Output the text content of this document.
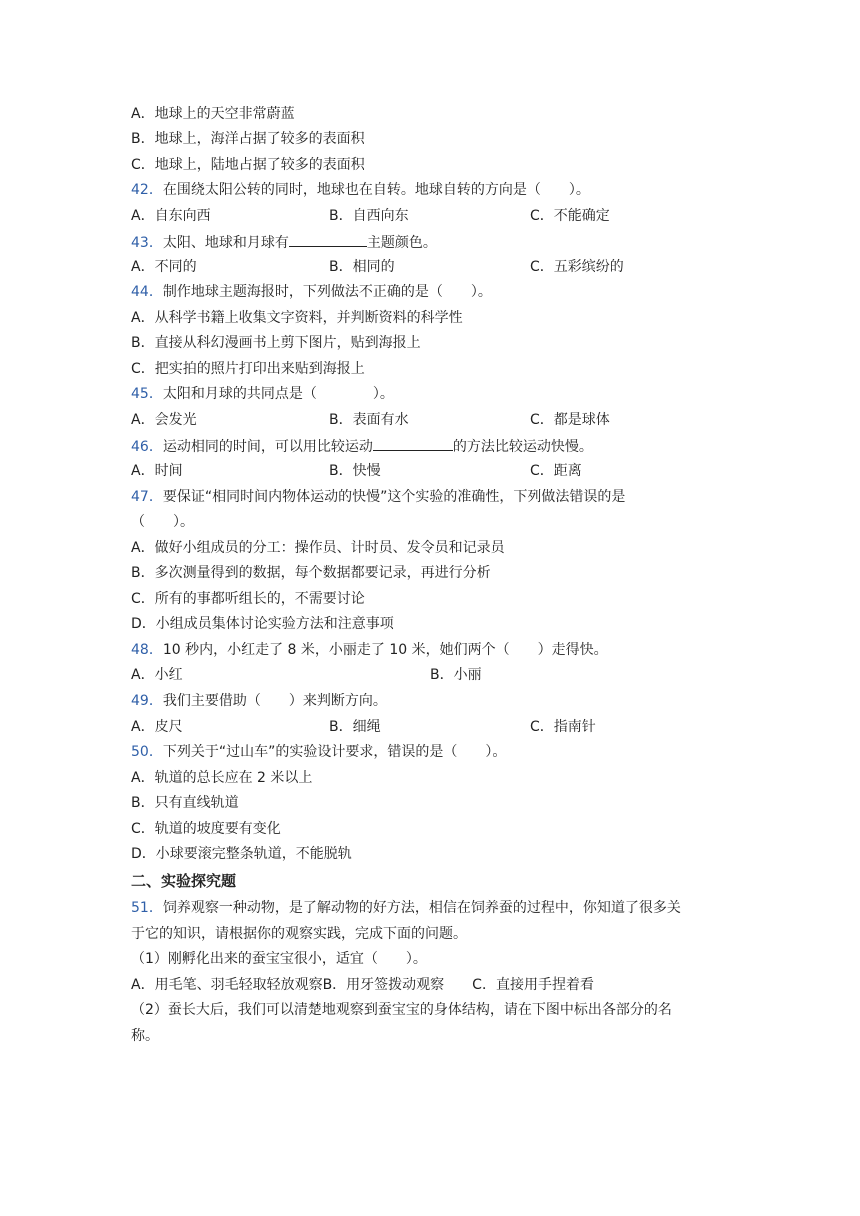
A．地球上的天空非常蔚蓝
B．地球上，海洋占据了较多的表面积
C．地球上，陆地占据了较多的表面积
42．在围绕太阳公转的同时，地球也在自转。地球自转的方向是（　　）。
A．自东向西	B．自西向东	C．不能确定
43．太阳、地球和月球有	主题颜色。
A．不同的	B．相同的	C．五彩缤纷的
44．制作地球主题海报时，下列做法不正确的是（　　）。
A．从科学书籍上收集文字资料，并判断资料的科学性
B．直接从科幻漫画书上剪下图片，贴到海报上
C．把实拍的照片打印出来贴到海报上
45．太阳和月球的共同点是（　　　　）。
A．会发光	B．表面有水	C．都是球体
46．运动相同的时间，可以用比较运动	的方法比较运动快慢。
A．时间	B．快慢	C．距离
47．要保证“相同时间内物体运动的快慢”这个实验的准确性，下列做法错误的是
（　　）。
A．做好小组成员的分工：操作员、计时员、发令员和记录员
B．多次测量得到的数据，每个数据都要记录，再进行分析
C．所有的事都听组长的，不需要讨论
D．小组成员集体讨论实验方法和注意事项
48．10 秒内，小红走了 8 米，小丽走了 10 米，她们两个（　　）走得快。
A．小红	B．小丽
49．我们主要借助（　　）来判断方向。
A．皮尺	B．细绳	C．指南针
50．下列关于“过山车”的实验设计要求，错误的是（　　）。
A．轨道的总长应在 2 米以上
B．只有直线轨道
C．轨道的坡度要有变化
D．小球要滚完整条轨道，不能脱轨
二、实验探究题
51．饲养观察一种动物，是了解动物的好方法，相信在饲养蚕的过程中，你知道了很多关
于它的知识，请根据你的观察实践，完成下面的问题。
（1）刚孵化出来的蚕宝宝很小，适宜（　　）。
A．用毛笔、羽毛轻取轻放观察B．用牙签拨动观察　　C．直接用手捏着看
（2）蚕长大后，我们可以清楚地观察到蚕宝宝的身体结构，请在下图中标出各部分的名
称。
